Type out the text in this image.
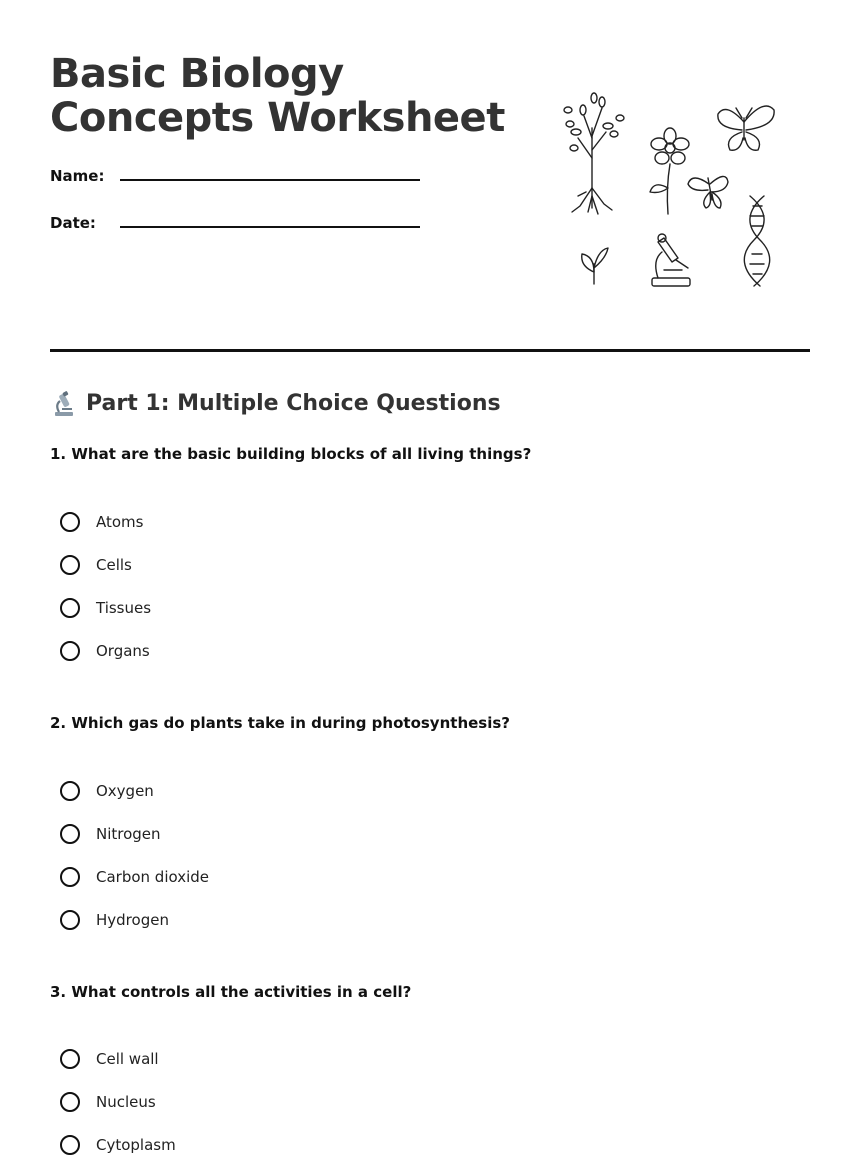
Basic Biology Concepts Worksheet
Name:
Date:
Part 1: Multiple Choice Questions

1. What are the basic building blocks of all living things?

Atoms
Cells
Tissues
Organs

2. Which gas do plants take in during photosynthesis?

Oxygen
Nitrogen
Carbon dioxide
Hydrogen

3. What controls all the activities in a cell?

Cell wall
Nucleus
Cytoplasm
